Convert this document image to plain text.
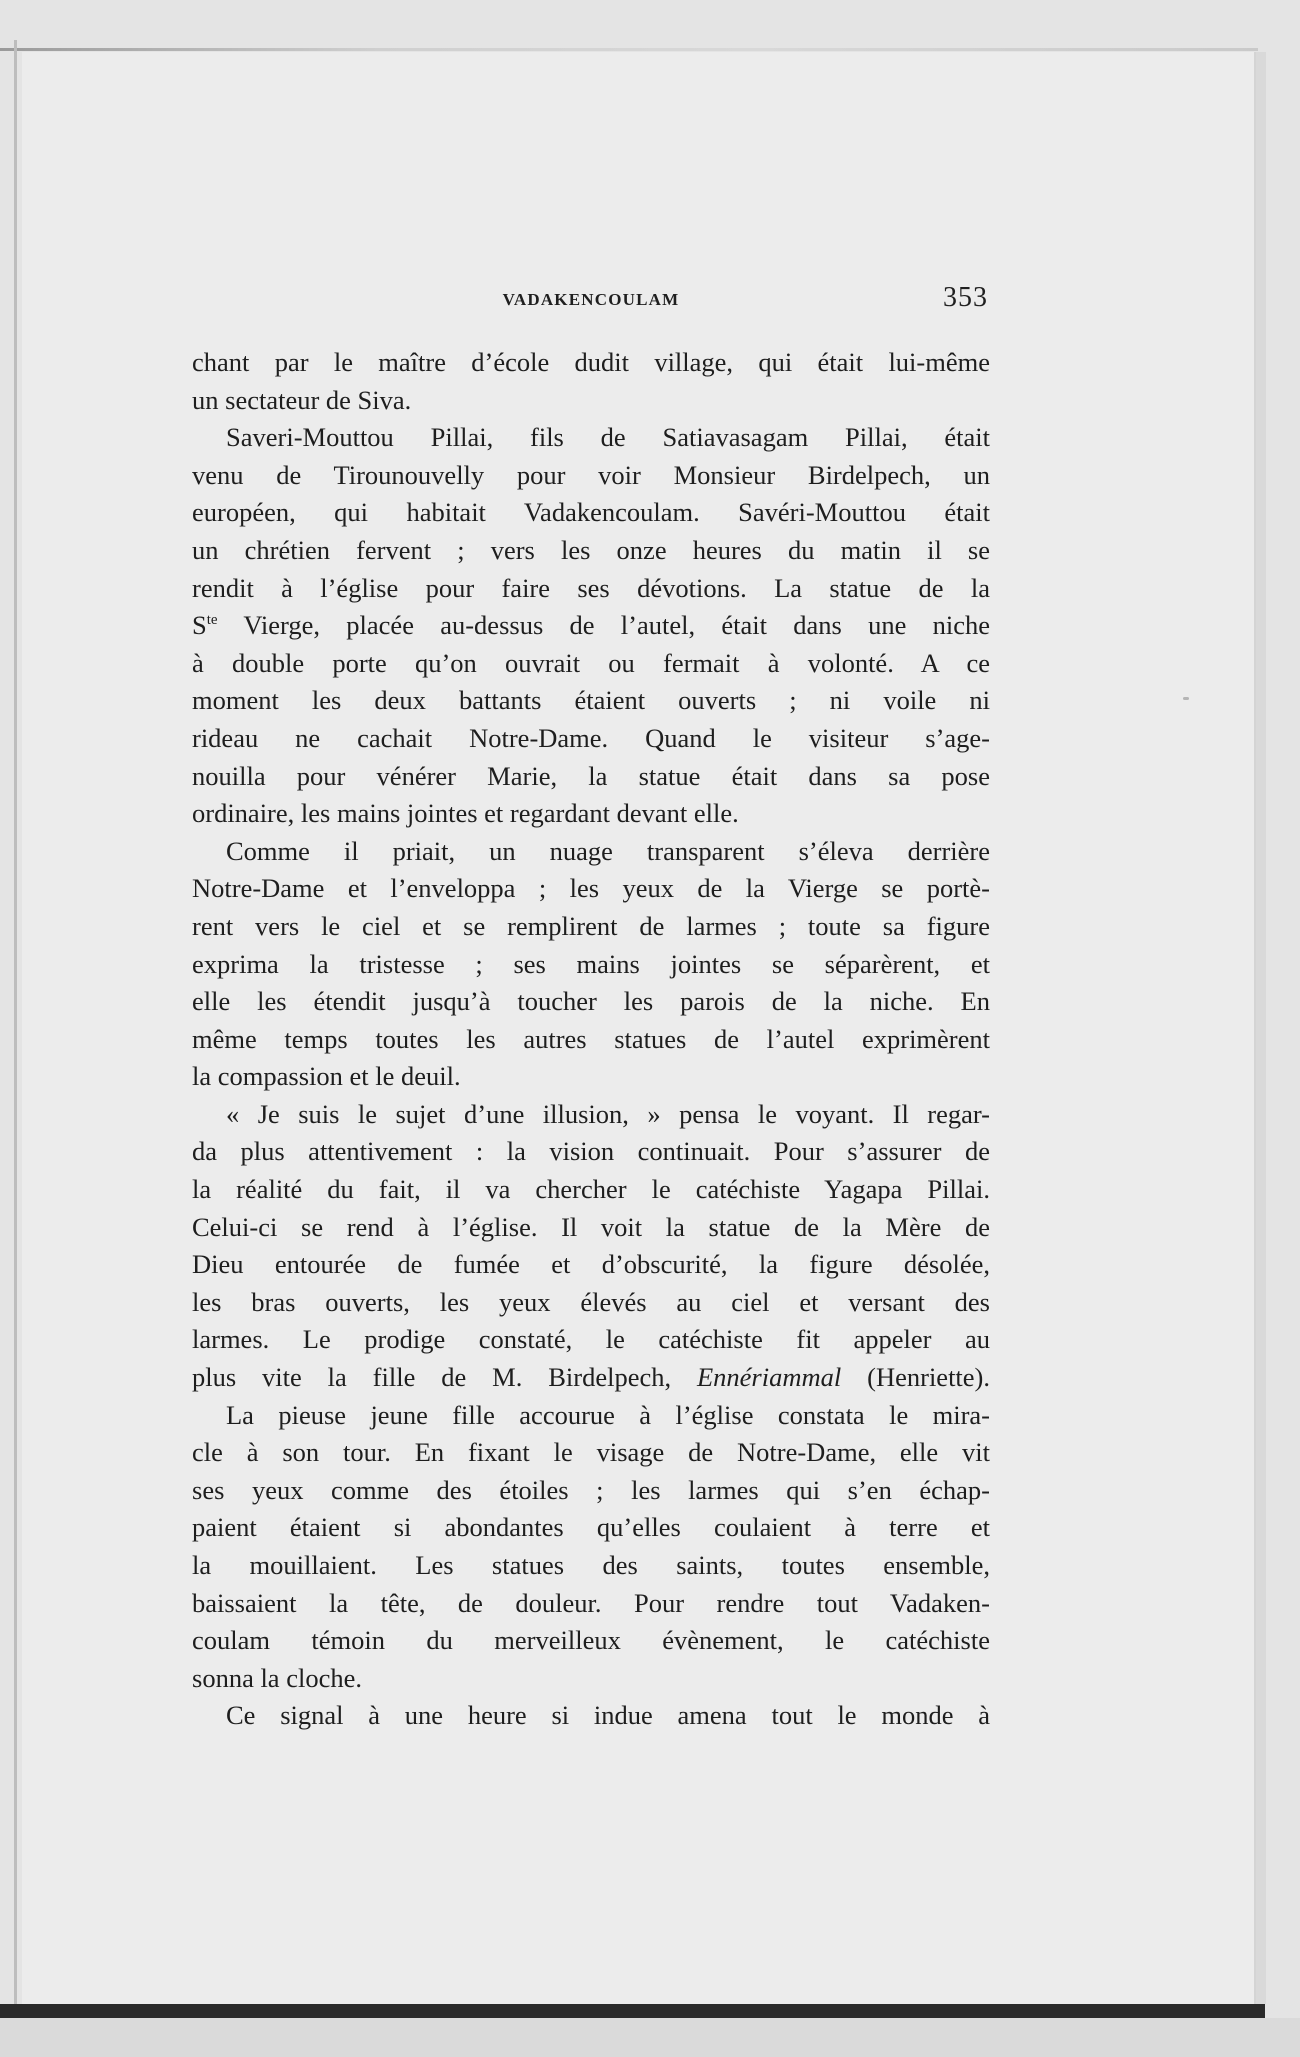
VADAKENCOULAM	353
chant par le maître d’école dudit village, qui était lui-même
un sectateur de Siva.
Saveri-Mouttou Pillai, fils de Satiavasagam Pillai, était
venu de Tirounouvelly pour voir Monsieur Birdelpech, un
européen, qui habitait Vadakencoulam. Savéri-Mouttou était
un chrétien fervent ; vers les onze heures du matin il se
rendit à l’église pour faire ses dévotions. La statue de la
$S^{te}$ Vierge, placée au-dessus de l’autel, était dans une niche
à double porte qu’on ouvrait ou fermait à volonté. A ce
moment les deux battants étaient ouverts ; ni voile ni
rideau ne cachait Notre-Dame. Quand le visiteur s’age-
nouilla pour vénérer Marie, la statue était dans sa pose
ordinaire, les mains jointes et regardant devant elle.
Comme il priait, un nuage transparent s’éleva derrière
Notre-Dame et l’enveloppa ; les yeux de la Vierge se portè-
rent vers le ciel et se remplirent de larmes ; toute sa figure
exprima la tristesse ; ses mains jointes se séparèrent, et
elle les étendit jusqu’à toucher les parois de la niche. En
même temps toutes les autres statues de l’autel exprimèrent
la compassion et le deuil.
« Je suis le sujet d’une illusion, » pensa le voyant. Il regar-
da plus attentivement : la vision continuait. Pour s’assurer de
la réalité du fait, il va chercher le catéchiste Yagapa Pillai.
Celui-ci se rend à l’église. Il voit la statue de la Mère de
Dieu entourée de fumée et d’obscurité, la figure désolée,
les bras ouverts, les yeux élevés au ciel et versant des
larmes. Le prodige constaté, le catéchiste fit appeler au
plus vite la fille de M. Birdelpech, Ennériammal (Henriette).
La pieuse jeune fille accourue à l’église constata le mira-
cle à son tour. En fixant le visage de Notre-Dame, elle vit
ses yeux comme des étoiles ; les larmes qui s’en échap-
paient étaient si abondantes qu’elles coulaient à terre et
la mouillaient. Les statues des saints, toutes ensemble,
baissaient la tête, de douleur. Pour rendre tout Vadaken-
coulam témoin du merveilleux évènement, le catéchiste
sonna la cloche.
Ce signal à une heure si indue amena tout le monde à
